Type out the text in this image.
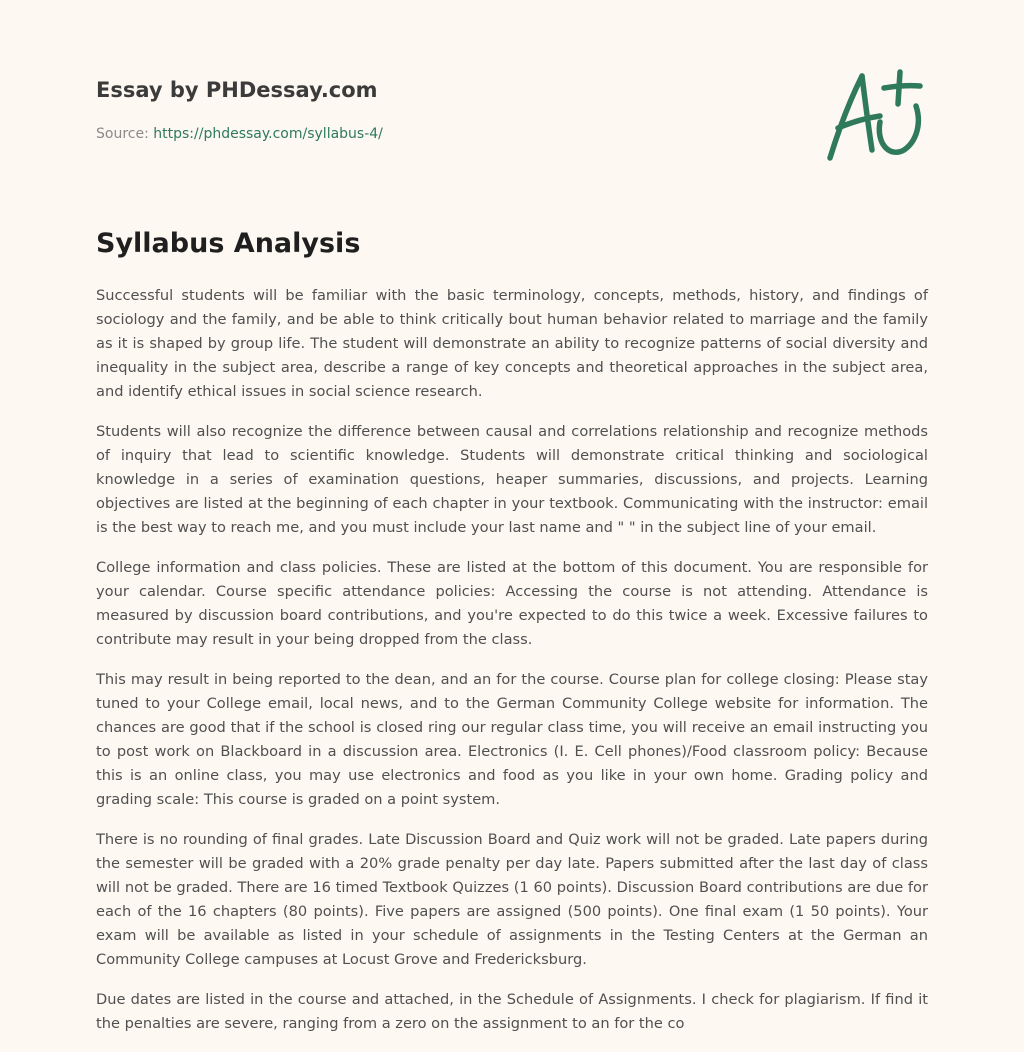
Essay by PHDessay.com
Source: https://phdessay.com/syllabus-4/
Syllabus Analysis

Successful students will be familiar with the basic terminology, concepts, methods, history, and findings of sociology and the family, and be able to think critically bout human behavior related to marriage and the family as it is shaped by group life. The student will demonstrate an ability to recognize patterns of social diversity and inequality in the subject area, describe a range of key concepts and theoretical approaches in the subject area, and identify ethical issues in social science research.

Students will also recognize the difference between causal and correlations relationship and recognize methods of inquiry that lead to scientific knowledge. Students will demonstrate critical thinking and sociological knowledge in a series of examination questions, heaper summaries, discussions, and projects. Learning objectives are listed at the beginning of each chapter in your textbook. Communicating with the instructor: email is the best way to reach me, and you must include your last name and " " in the subject line of your email.

College information and class policies. These are listed at the bottom of this document. You are responsible for your calendar. Course specific attendance policies: Accessing the course is not attending. Attendance is measured by discussion board contributions, and you're expected to do this twice a week. Excessive failures to contribute may result in your being dropped from the class.

This may result in being reported to the dean, and an for the course. Course plan for college closing: Please stay tuned to your College email, local news, and to the German Community College website for information. The chances are good that if the school is closed ring our regular class time, you will receive an email instructing you to post work on Blackboard in a discussion area. Electronics (I. E. Cell phones)/Food classroom policy: Because this is an online class, you may use electronics and food as you like in your own home. Grading policy and grading scale: This course is graded on a point system.

There is no rounding of final grades. Late Discussion Board and Quiz work will not be graded. Late papers during the semester will be graded with a 20% grade penalty per day late. Papers submitted after the last day of class will not be graded. There are 16 timed Textbook Quizzes (1 60 points). Discussion Board contributions are due for each of the 16 chapters (80 points). Five papers are assigned (500 points). One final exam (1 50 points). Your exam will be available as listed in your schedule of assignments in the Testing Centers at the German an Community College campuses at Locust Grove and Fredericksburg.

Due dates are listed in the course and attached, in the Schedule of Assignments. I check for plagiarism. If find it the penalties are severe, ranging from a zero on the assignment to an for the co
